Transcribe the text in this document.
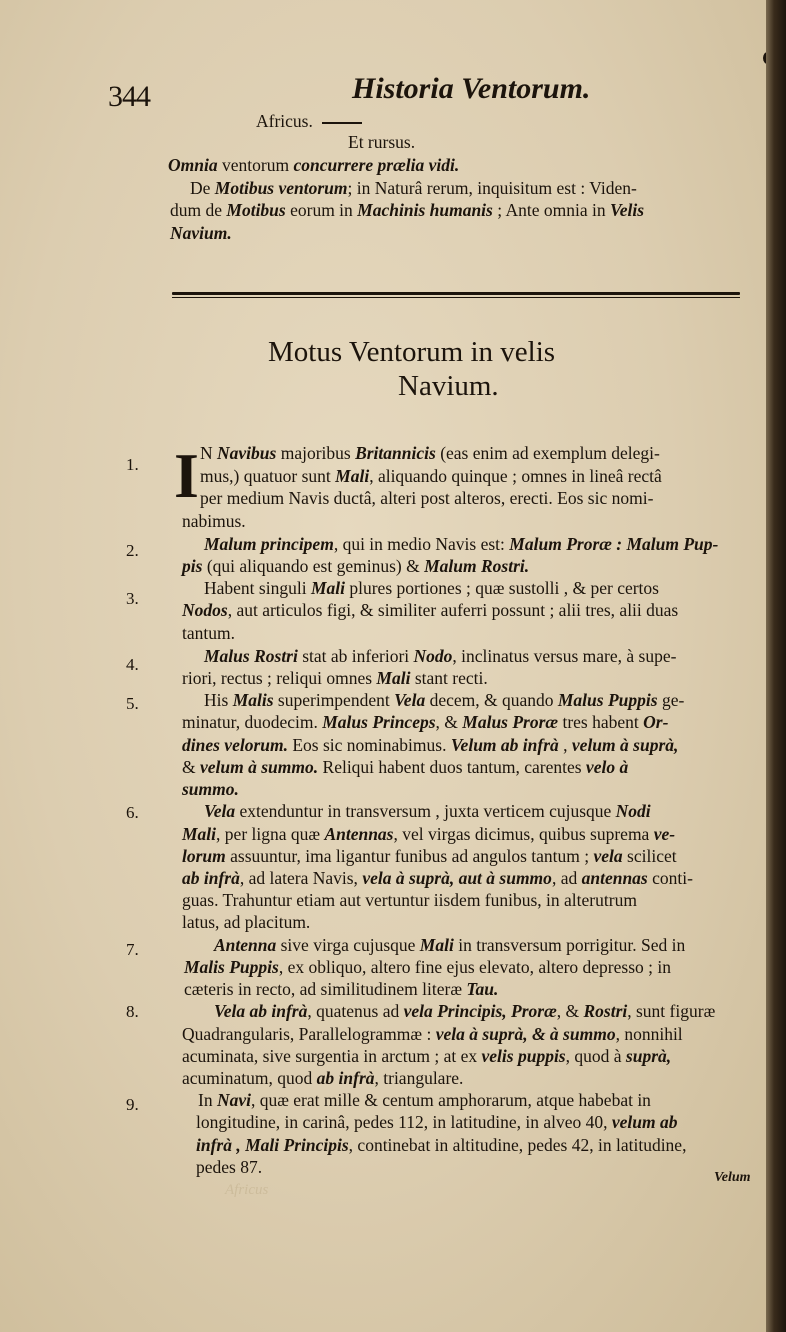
344	Historia Ventorum.
Africus.
Et rursus.
Omnia ventorum concurrere prælia vidi.
De Motibus ventorum; in Naturâ rerum, inquisitum est : Viden-
dum de Motibus eorum in Machinis humanis ; Ante omnia in Velis
Navium.
Motus Ventorum in velis
Navium.
I
1.
2.
3.
4.
5.
6.
7.
8.
9.
N Navibus majoribus Britannicis (eas enim ad exemplum delegi-
mus,) quatuor sunt Mali, aliquando quinque ; omnes in lineâ rectâ
per medium Navis ductâ, alteri post alteros, erecti. Eos sic nomi-
nabimus.
Malum principem, qui in medio Navis est: Malum Proræ : Malum Pup-
pis (qui aliquando est geminus) & Malum Rostri.
Habent singuli Mali plures portiones ; quæ sustolli , & per certos
Nodos, aut articulos figi, & similiter auferri possunt ; alii tres, alii duas
tantum.
Malus Rostri stat ab inferiori Nodo, inclinatus versus mare, à supe-
riori, rectus ; reliqui omnes Mali stant recti.
His Malis superimpendent Vela decem, & quando Malus Puppis ge-
minatur, duodecim. Malus Princeps, & Malus Proræ tres habent Or-
dines velorum. Eos sic nominabimus. Velum ab infrà , velum à suprà,
& velum à summo. Reliqui habent duos tantum, carentes velo à
summo.
Vela extenduntur in transversum , juxta verticem cujusque Nodi
Mali, per ligna quæ Antennas, vel virgas dicimus, quibus suprema ve-
lorum assuuntur, ima ligantur funibus ad angulos tantum ; vela scilicet
ab infrà, ad latera Navis, vela à suprà, aut à summo, ad antennas conti-
guas. Trahuntur etiam aut vertuntur iisdem funibus, in alterutrum
latus, ad placitum.
Antenna sive virga cujusque Mali in transversum porrigitur. Sed in
Malis Puppis, ex obliquo, altero fine ejus elevato, altero depresso ; in
cæteris in recto, ad similitudinem literæ Tau.
Vela ab infrà, quatenus ad vela Principis, Proræ, & Rostri, sunt figuræ
Quadrangularis, Parallelogrammæ : vela à suprà, & à summo, nonnihil
acuminata, sive surgentia in arctum ; at ex velis puppis, quod à suprà,
acuminatum, quod ab infrà, triangulare.
In Navi, quæ erat mille & centum amphorarum, atque habebat in
longitudine, in carinâ, pedes 112, in latitudine, in alveo 40, velum ab
infrà , Mali Principis, continebat in altitudine, pedes 42, in latitudine,
pedes 87.
Velum
Africus
